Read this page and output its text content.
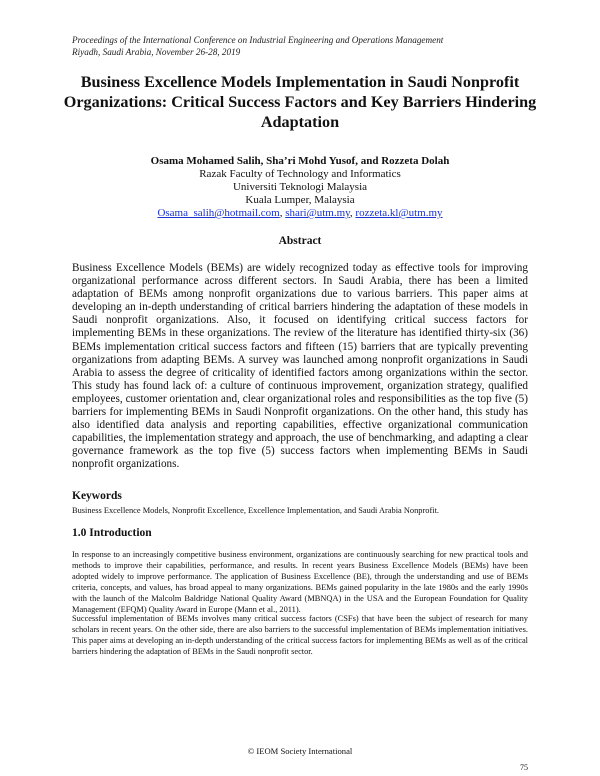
Proceedings of the International Conference on Industrial Engineering and Operations Management
Riyadh, Saudi Arabia, November 26-28, 2019
Business Excellence Models Implementation in Saudi Nonprofit Organizations: Critical Success Factors and Key Barriers Hindering Adaptation
Osama Mohamed Salih, Sha’ri Mohd Yusof, and Rozzeta Dolah
Razak Faculty of Technology and Informatics
Universiti Teknologi Malaysia
Kuala Lumper, Malaysia
Osama_salih@hotmail.com, shari@utm.my, rozzeta.kl@utm.my
Abstract
Business Excellence Models (BEMs) are widely recognized today as effective tools for improving organizational performance across different sectors. In Saudi Arabia, there has been a limited adaptation of BEMs among nonprofit organizations due to various barriers. This paper aims at developing an in-depth understanding of critical barriers hindering the adaptation of these models in Saudi nonprofit organizations. Also, it focused on identifying critical success factors for implementing BEMs in these organizations. The review of the literature has identified thirty-six (36) BEMs implementation critical success factors and fifteen (15) barriers that are typically preventing organizations from adapting BEMs. A survey was launched among nonprofit organizations in Saudi Arabia to assess the degree of criticality of identified factors among organizations within the sector. This study has found lack of: a culture of continuous improvement, organization strategy, qualified employees, customer orientation and, clear organizational roles and responsibilities as the top five (5) barriers for implementing BEMs in Saudi Nonprofit organizations. On the other hand, this study has also identified data analysis and reporting capabilities, effective organizational communication capabilities, the implementation strategy and approach, the use of benchmarking, and adapting a clear governance framework as the top five (5) success factors when implementing BEMs in Saudi nonprofit organizations.
Keywords
Business Excellence Models, Nonprofit Excellence, Excellence Implementation, and Saudi Arabia Nonprofit.
1.0 Introduction
In response to an increasingly competitive business environment, organizations are continuously searching for new practical tools and methods to improve their capabilities, performance, and results. In recent years Business Excellence Models (BEMs) have been adopted widely to improve performance. The application of Business Excellence (BE), through the understanding and use of BEMs criteria, concepts, and values, has broad appeal to many organizations. BEMs gained popularity in the late 1980s and the early 1990s with the launch of the Malcolm Baldridge National Quality Award (MBNQA) in the USA and the European Foundation for Quality Management (EFQM) Quality Award in Europe (Mann et al., 2011).
Successful implementation of BEMs involves many critical success factors (CSFs) that have been the subject of research for many scholars in recent years. On the other side, there are also barriers to the successful implementation of BEMs implementation initiatives. This paper aims at developing an in-depth understanding of the critical success factors for implementing BEMs as well as of the critical barriers hindering the adaptation of BEMs in the Saudi nonprofit sector.
© IEOM Society International
75
